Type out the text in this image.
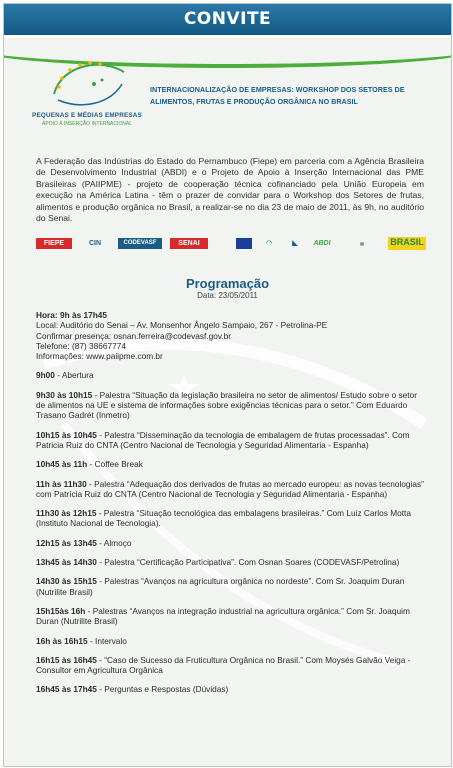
CONVITE
PEQUENAS E MÉDIAS EMPRESAS
APOIO À INSERÇÃO INTERNACIONAL
INTERNACIONALIZAÇÃO DE EMPRESAS: WORKSHOP DOS SETORES DE ALIMENTOS, FRUTAS E PRODUÇÃO ORGÂNICA NO BRASIL
A Federação das Indústrias do Estado do Pernambuco (Fiepe) em parceria com a Agência Brasileira de Desenvolvimento Industrial (ABDI) e o Projeto de Apoio à Inserção Internacional das PME Brasileiras (PAIIPME) - projeto de cooperação técnica cofinanciado pela União Europeia em execução na América Latina - têm o prazer de convidar para o Workshop dos Setores de frutas, alimentos e produção orgânica no Brasil, a realizar-se no dia 23 de maio de 2011, às 9h, no auditório do Senai.
FIEPE	CIN	CODEVASF	SENAI	◠	◣	ABDI	▤	BRASIL
Programação
Data: 23/05/2011

Hora: 9h às 17h45
Local: Auditório do Senai – Av. Monsenhor Ângelo Sampaio, 267 - Petrolina-PE
Confirmar presença: osnan.ferreira@codevasf.gov.br
Telefone: (87) 38667774
Informações: www.paiipme.com.br

9h00 - Abertura

9h30 às 10h15 - Palestra “Situação da legislação brasileira no setor de alimentos/ Estudo sobre o setor de alimentos na UE e sistema de informações sobre exigências técnicas para o setor.” Com Eduardo Trasano Gadrét (Inmetro)

10h15 às 10h45 - Palestra “Disseminação da tecnologia de embalagem de frutas processadas”. Com Patricia Ruiz do CNTA (Centro Nacional de Tecnologia y Seguridad Alimentaria - Espanha)

10h45 às 11h - Coffee Break

11h às 11h30 - Palestra “Adequação dos derivados de frutas ao mercado europeu: as novas tecnologias” com Patrícia Ruiz do CNTA (Centro Nacional de Tecnologia y Seguridad Alimentaria - Espanha)

11h30 às 12h15 - Palestra “Situação tecnológica das embalagens brasileiras.” Com Luiz Carlos Motta (Instituto Nacional de Tecnologia).

12h15 às 13h45 - Almoço

13h45 às 14h30 - Palestra “Certificação Participativa”. Com Osnan Soares (CODEVASF/Petrolina)

14h30 às 15h15 - Palestras “Avanços na agricultura orgânica no nordeste”. Com Sr. Joaquim Duran (Nutrilite Brasil)

15h15às 16h - Palestras “Avanços na integração industrial na agricultura orgânica.” Com Sr. Joaquim Duran (Nutrilite Brasil)

16h às 16h15 - Intervalo

16h15 às 16h45 - “Caso de Sucesso da Fruticultura Orgânica no Brasil.” Com Moysés Galvão Veiga - Consultor em Agricultura Orgânica

16h45 às 17h45 - Perguntas e Respostas (Dúvidas)
